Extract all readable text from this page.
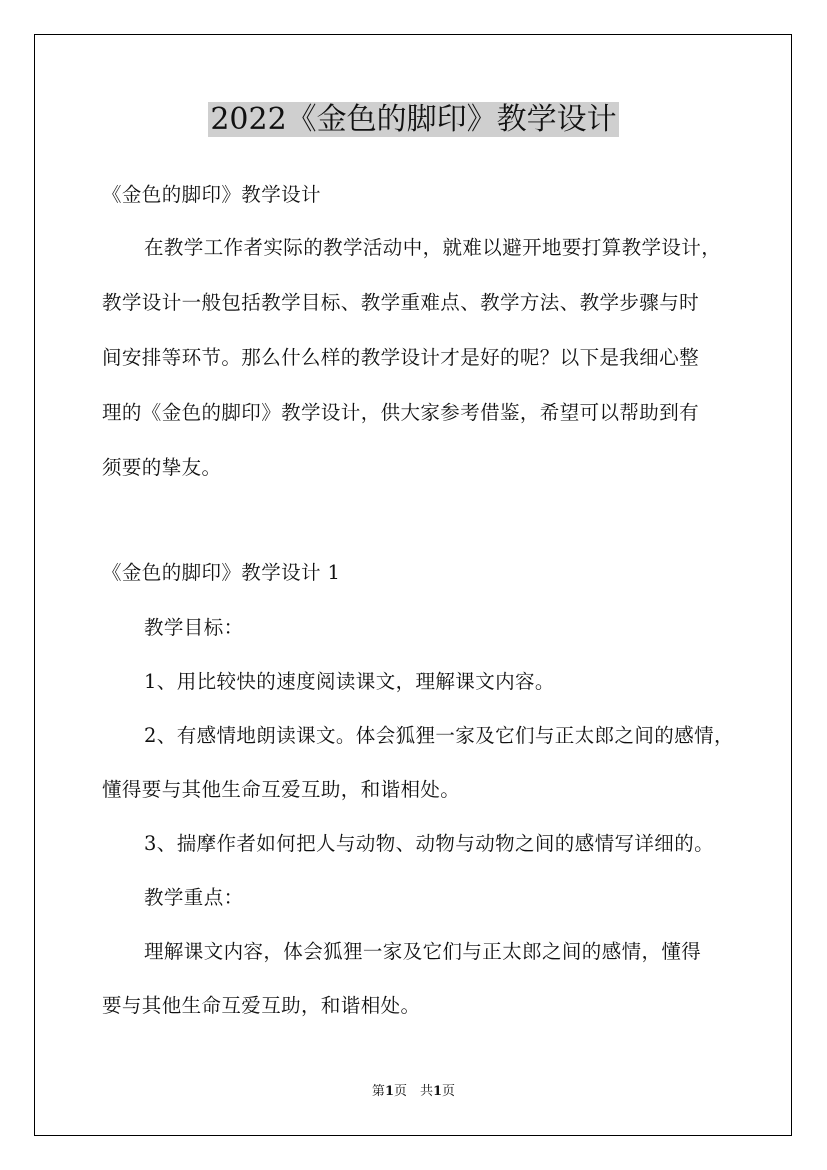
2022《金色的脚印》教学设计

《金色的脚印》教学设计

在教学工作者实际的教学活动中，就难以避开地要打算教学设计，

教学设计一般包括教学目标、教学重难点、教学方法、教学步骤与时

间安排等环节。那么什么样的教学设计才是好的呢？以下是我细心整

理的《金色的脚印》教学设计，供大家参考借鉴，希望可以帮助到有

须要的挚友。

《金色的脚印》教学设计 1

教学目标：

1、用比较快的速度阅读课文，理解课文内容。

2、有感情地朗读课文。体会狐狸一家及它们与正太郎之间的感情，

懂得要与其他生命互爱互助，和谐相处。

3、揣摩作者如何把人与动物、动物与动物之间的感情写详细的。

教学重点：

理解课文内容，体会狐狸一家及它们与正太郎之间的感情，懂得

要与其他生命互爱互助，和谐相处。

第1页　共1页
